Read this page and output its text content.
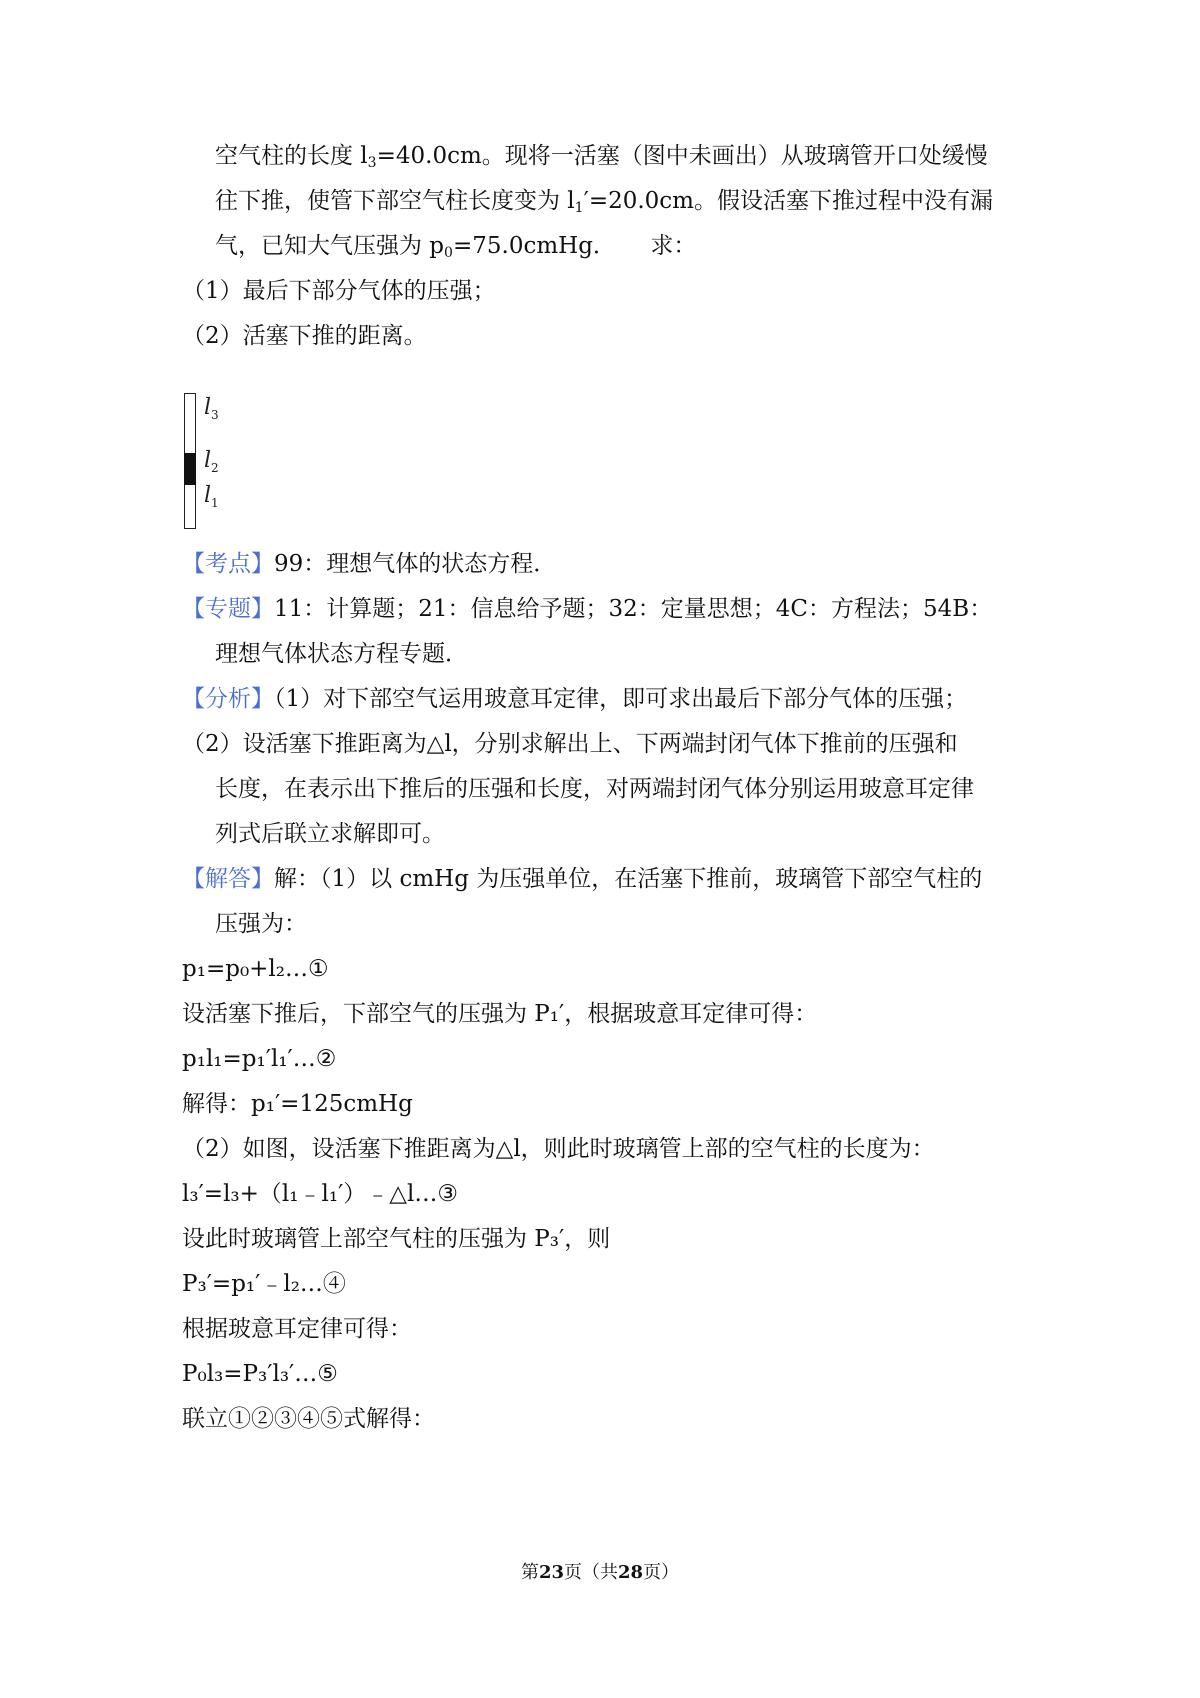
空气柱的长度 $l_3=40.0cm$。现将一活塞（图中未画出）从玻璃管开口处缓慢
往下推，使管下部空气柱长度变为 $l_1'=20.0cm$。假设活塞下推过程中没有漏
气，已知大气压强为 $p_0=75.0cmHg$．　　求：
（1）最后下部分气体的压强；
（2）活塞下推的距离。
$l_3$
$l_2$
$l_1$
【考点】99：理想气体的状态方程．
【专题】11：计算题；21：信息给予题；32：定量思想；4C：方程法；54B：
理想气体状态方程专题．
【分析】（1）对下部空气运用玻意耳定律，即可求出最后下部分气体的压强；
（2）设活塞下推距离为△l，分别求解出上、下两端封闭气体下推前的压强和
长度，在表示出下推后的压强和长度，对两端封闭气体分别运用玻意耳定律
列式后联立求解即可。
【解答】解：（1）以 cmHg 为压强单位，在活塞下推前，玻璃管下部空气柱的
压强为：
p₁=p₀+l₂…①
设活塞下推后，下部空气的压强为 P₁′，根据玻意耳定律可得：
p₁l₁=p₁′l₁′…②
解得：p₁′=125cmHg
（2）如图，设活塞下推距离为△l，则此时玻璃管上部的空气柱的长度为：
l₃′=l₃+（l₁﹣l₁′）﹣△l…③
设此时玻璃管上部空气柱的压强为 P₃′，则
P₃′=p₁′﹣l₂…④
根据玻意耳定律可得：
P₀l₃=P₃′l₃′…⑤
联立①②③④⑤式解得：
第23页（共28页）
